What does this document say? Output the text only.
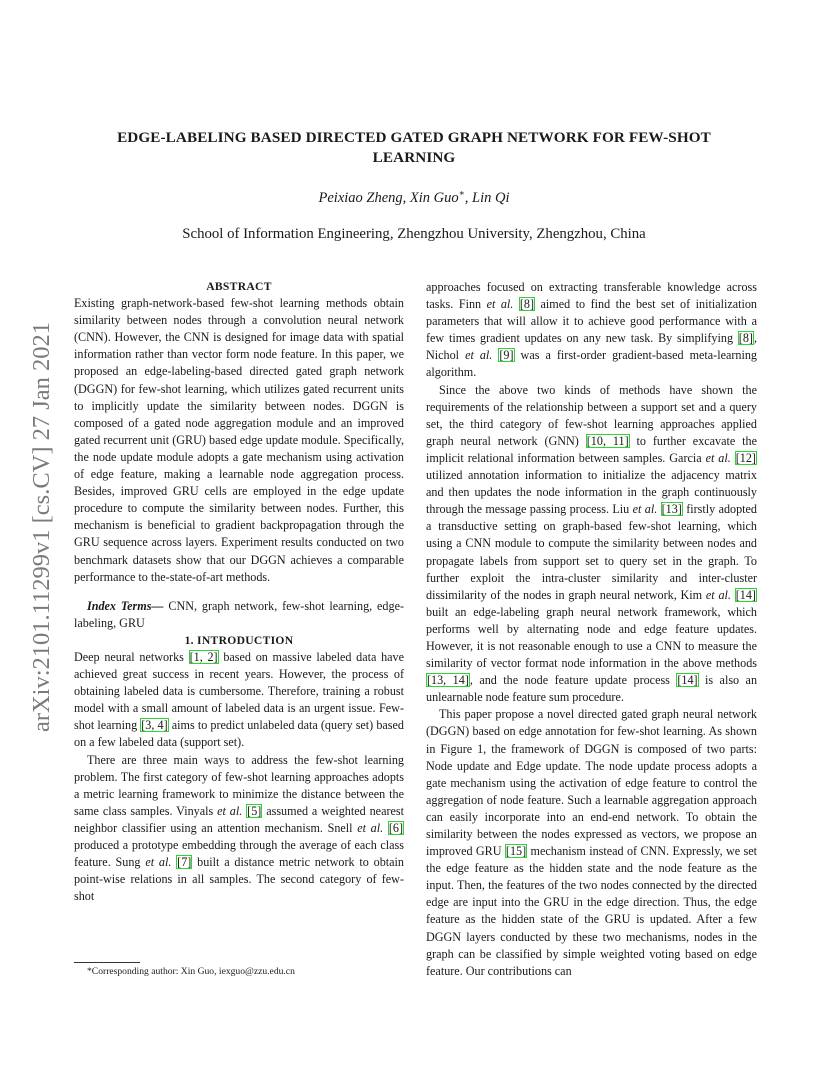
arXiv:2101.11299v1 [cs.CV] 27 Jan 2021
EDGE-LABELING BASED DIRECTED GATED GRAPH NETWORK FOR FEW-SHOT
LEARNING
Peixiao Zheng, Xin Guo∗, Lin Qi
School of Information Engineering, Zhengzhou University, Zhengzhou, China

ABSTRACT

Existing graph-network-based few-shot learning methods obtain similarity between nodes through a convolution neural network (CNN). However, the CNN is designed for image data with spatial information rather than vector form node feature. In this paper, we proposed an edge-labeling-based directed gated graph network (DGGN) for few-shot learning, which utilizes gated recurrent units to implicitly update the similarity between nodes. DGGN is composed of a gated node aggregation module and an improved gated recurrent unit (GRU) based edge update module. Specifically, the node update module adopts a gate mechanism using activation of edge feature, making a learnable node aggregation process. Besides, improved GRU cells are employed in the edge update procedure to compute the similarity between nodes. Further, this mechanism is beneficial to gradient backpropagation through the GRU sequence across layers. Experiment results conducted on two benchmark datasets show that our DGGN achieves a comparable performance to the-state-of-art methods.

Index Terms— CNN, graph network, few-shot learning, edge-labeling, GRU

1. INTRODUCTION

Deep neural networks [1, 2] based on massive labeled data have achieved great success in recent years. However, the process of obtaining labeled data is cumbersome. Therefore, training a robust model with a small amount of labeled data is an urgent issue. Few-shot learning [3, 4] aims to predict unlabeled data (query set) based on a few labeled data (support set).

There are three main ways to address the few-shot learning problem. The first category of few-shot learning approaches adopts a metric learning framework to minimize the distance between the same class samples. Vinyals et al. [5] assumed a weighted nearest neighbor classifier using an attention mechanism. Snell et al. [6] produced a prototype embedding through the average of each class feature. Sung et al. [7] built a distance metric network to obtain point-wise relations in all samples. The second category of few-shot

approaches focused on extracting transferable knowledge across tasks. Finn et al. [8] aimed to find the best set of initialization parameters that will allow it to achieve good performance with a few times gradient updates on any new task. By simplifying [8], Nichol et al. [9] was a first-order gradient-based meta-learning algorithm.

Since the above two kinds of methods have shown the requirements of the relationship between a support set and a query set, the third category of few-shot learning approaches applied graph neural network (GNN) [10, 11] to further excavate the implicit relational information between samples. Garcia et al. [12] utilized annotation information to initialize the adjacency matrix and then updates the node information in the graph continuously through the message passing process. Liu et al. [13] firstly adopted a transductive setting on graph-based few-shot learning, which using a CNN module to compute the similarity between nodes and propagate labels from support set to query set in the graph. To further exploit the intra-cluster similarity and inter-cluster dissimilarity of the nodes in graph neural network, Kim et al. [14] built an edge-labeling graph neural network framework, which performs well by alternating node and edge feature updates. However, it is not reasonable enough to use a CNN to measure the similarity of vector format node information in the above methods [13, 14], and the node feature update process [14] is also an unlearnable node feature sum procedure.

This paper propose a novel directed gated graph neural network (DGGN) based on edge annotation for few-shot learning. As shown in Figure 1, the framework of DGGN is composed of two parts: Node update and Edge update. The node update process adopts a gate mechanism using the activation of edge feature to control the aggregation of node feature. Such a learnable aggregation approach can easily incorporate into an end-end network. To obtain the similarity between the nodes expressed as vectors, we propose an improved GRU [15] mechanism instead of CNN. Expressly, we set the edge feature as the hidden state and the node feature as the input. Then, the features of the two nodes connected by the directed edge are input into the GRU in the edge direction. Thus, the edge feature as the hidden state of the GRU is updated. After a few DGGN layers conducted by these two mechanisms, nodes in the graph can be classified by simple weighted voting based on edge feature. Our contributions can

*Corresponding author: Xin Guo, iexguo@zzu.edu.cn
